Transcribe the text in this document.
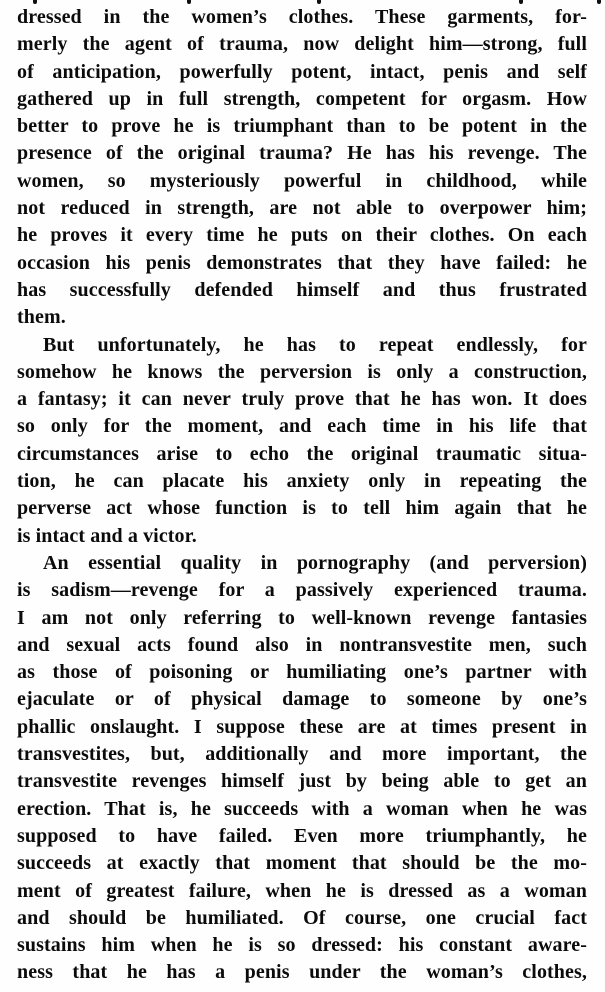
dressed in the women’s clothes. These garments, for-
merly the agent of trauma, now delight him—strong, full
of anticipation, powerfully potent, intact, penis and self
gathered up in full strength, competent for orgasm. How
better to prove he is triumphant than to be potent in the
presence of the original trauma? He has his revenge. The
women, so mysteriously powerful in childhood, while
not reduced in strength, are not able to overpower him;
he proves it every time he puts on their clothes. On each
occasion his penis demonstrates that they have failed: he
has successfully defended himself and thus frustrated
them.
But unfortunately, he has to repeat endlessly, for
somehow he knows the perversion is only a construction,
a fantasy; it can never truly prove that he has won. It does
so only for the moment, and each time in his life that
circumstances arise to echo the original traumatic situa-
tion, he can placate his anxiety only in repeating the
perverse act whose function is to tell him again that he
is intact and a victor.
An essential quality in pornography (and perversion)
is sadism—revenge for a passively experienced trauma.
I am not only referring to well-known revenge fantasies
and sexual acts found also in nontransvestite men, such
as those of poisoning or humiliating one’s partner with
ejaculate or of physical damage to someone by one’s
phallic onslaught. I suppose these are at times present in
transvestites, but, additionally and more important, the
transvestite revenges himself just by being able to get an
erection. That is, he succeeds with a woman when he was
supposed to have failed. Even more triumphantly, he
succeeds at exactly that moment that should be the mo-
ment of greatest failure, when he is dressed as a woman
and should be humiliated. Of course, one crucial fact
sustains him when he is so dressed: his constant aware-
ness that he has a penis under the woman’s clothes,
